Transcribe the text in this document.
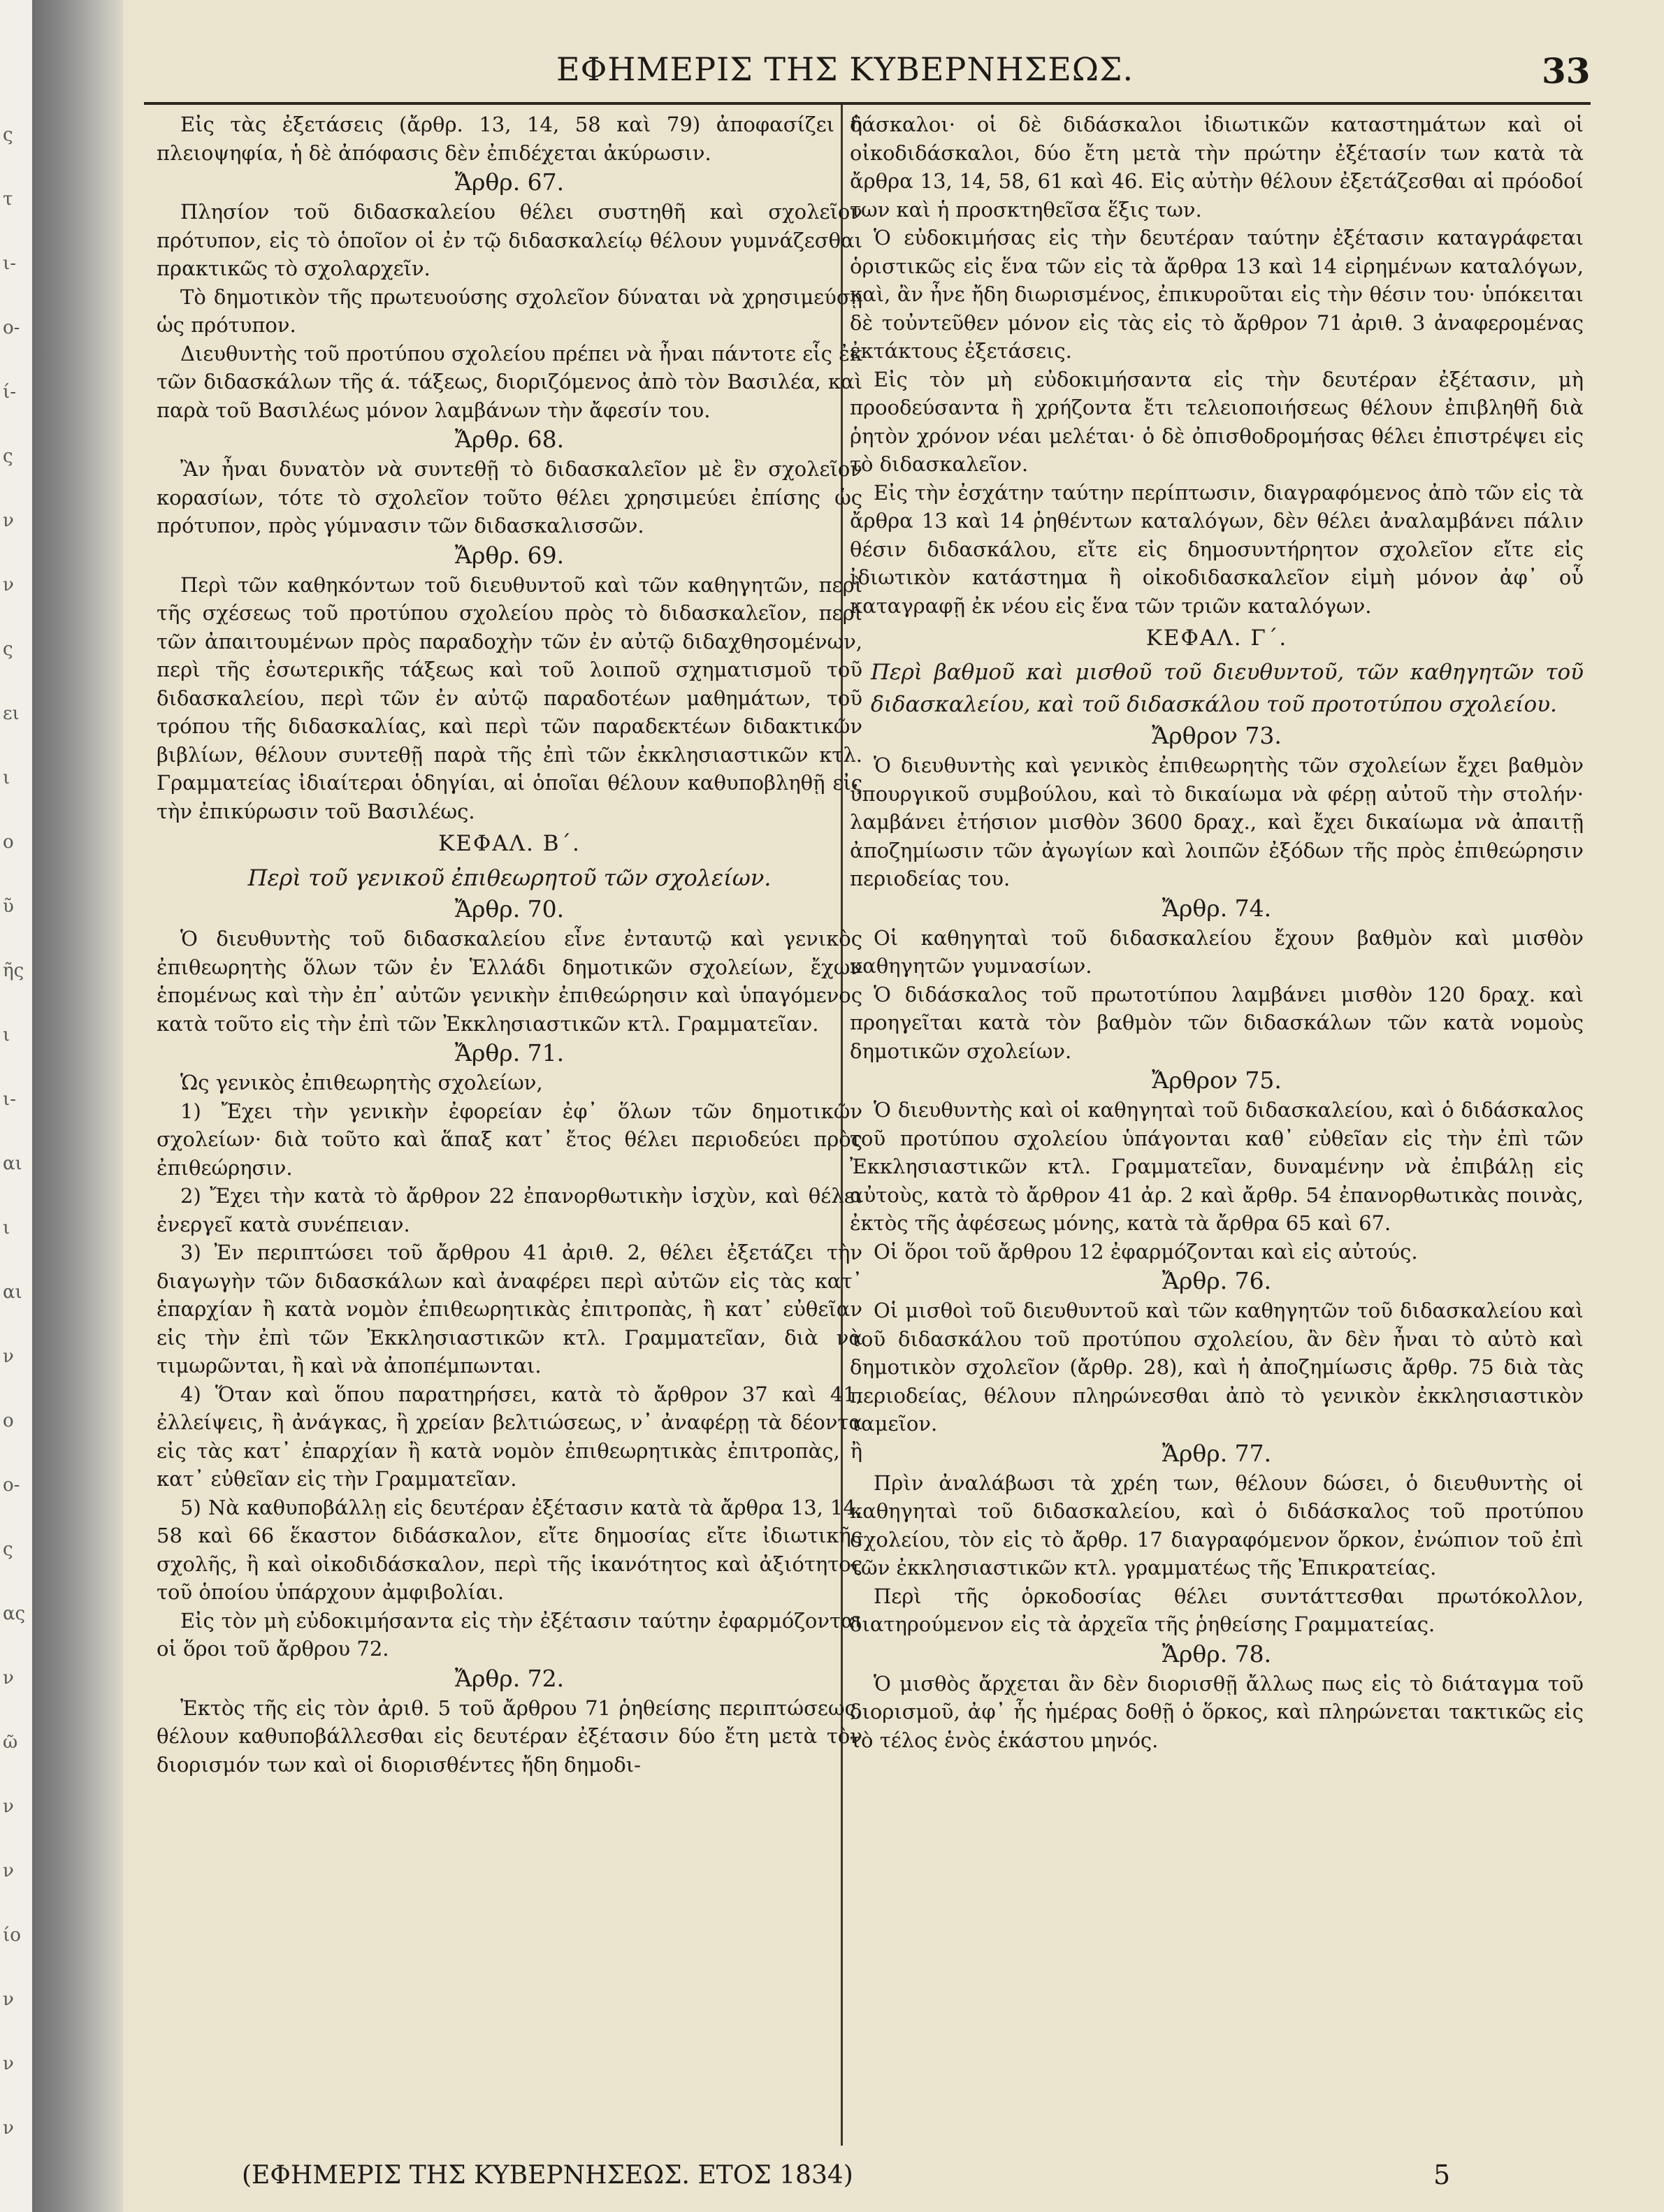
ς
τ
ι-
ο-
ί-
ς
ν
ν
ς
ει
ι
ο
ῦ
ῆς
ι
ι-
αι
ι
αι
ν
ο
ο-
ς
ας
ν
ῶ
ν
ν
ίο
ν
ν
ν
ΕΦΗΜΕΡΙΣ ΤΗΣ ΚΥΒΕΡΝΗΣΕΩΣ.	33

Εἰς τὰς ἐξετάσεις (ἄρθρ. 13, 14, 58 καὶ 79) ἀποφασίζει ἡ πλειοψηφία, ἡ δὲ ἀπόφασις δὲν ἐπιδέχεται ἀκύρωσιν.

Ἄρθρ. 67.

Πλησίον τοῦ διδασκαλείου θέλει συστηθῆ καὶ σχολεῖον πρότυπον, εἰς τὸ ὁποῖον οἱ ἐν τῷ διδασκαλείῳ θέλουν γυμνάζεσθαι πρακτικῶς τὸ σχολαρχεῖν.

Τὸ δημοτικὸν τῆς πρωτευούσης σχολεῖον δύναται νὰ χρησιμεύσῃ ὡς πρότυπον.

Διευθυντὴς τοῦ προτύπου σχολείου πρέπει νὰ ἦναι πάντοτε εἷς ἐκ τῶν διδασκάλων τῆς ά. τάξεως, διοριζόμενος ἀπὸ τὸν Βασιλέα, καὶ παρὰ τοῦ Βασιλέως μόνον λαμβάνων τὴν ἄφεσίν του.

Ἄρθρ. 68.

Ἂν ἦναι δυνατὸν νὰ συντεθῇ τὸ διδασκαλεῖον μὲ ἓν σχολεῖον κορασίων, τότε τὸ σχολεῖον τοῦτο θέλει χρησιμεύει ἐπίσης ὡς πρότυπον, πρὸς γύμνασιν τῶν διδασκαλισσῶν.

Ἄρθρ. 69.

Περὶ τῶν καθηκόντων τοῦ διευθυντοῦ καὶ τῶν καθηγητῶν, περὶ τῆς σχέσεως τοῦ προτύπου σχολείου πρὸς τὸ διδασκαλεῖον, περὶ τῶν ἀπαιτουμένων πρὸς παραδοχὴν τῶν ἐν αὐτῷ διδαχθησομένων, περὶ τῆς ἐσωτερικῆς τάξεως καὶ τοῦ λοιποῦ σχηματισμοῦ τοῦ διδασκαλείου, περὶ τῶν ἐν αὐτῷ παραδοτέων μαθημάτων, τοῦ τρόπου τῆς διδασκαλίας, καὶ περὶ τῶν παραδεκτέων διδακτικῶν βιβλίων, θέλουν συντεθῇ παρὰ τῆς ἐπὶ τῶν ἐκκλησιαστικῶν κτλ. Γραμματείας ἰδιαίτεραι ὁδηγίαι, αἱ ὁποῖαι θέλουν καθυποβληθῇ εἰς τὴν ἐπικύρωσιν τοῦ Βασιλέως.

ΚΕΦΑΛ. Β΄.

Περὶ τοῦ γενικοῦ ἐπιθεωρητοῦ τῶν σχολείων.

Ἄρθρ. 70.

Ὁ διευθυντὴς τοῦ διδασκαλείου εἶνε ἐνταυτῷ καὶ γενικὸς ἐπιθεωρητὴς ὅλων τῶν ἐν Ἑλλάδι δημοτικῶν σχολείων, ἔχων ἑπομένως καὶ τὴν ἐπ᾽ αὐτῶν γενικὴν ἐπιθεώρησιν καὶ ὑπαγόμενος κατὰ τοῦτο εἰς τὴν ἐπὶ τῶν Ἐκκλησιαστικῶν κτλ. Γραμματεῖαν.

Ἄρθρ. 71.

Ὡς γενικὸς ἐπιθεωρητὴς σχολείων,

1) Ἔχει τὴν γενικὴν ἐφορείαν ἐφ᾽ ὅλων τῶν δημοτικῶν σχολείων· διὰ τοῦτο καὶ ἅπαξ κατ᾽ ἔτος θέλει περιοδεύει πρὸς ἐπιθεώρησιν.

2) Ἔχει τὴν κατὰ τὸ ἄρθρον 22 ἐπανορθωτικὴν ἰσχὺν, καὶ θέλει ἐνεργεῖ κατὰ συνέπειαν.

3) Ἐν περιπτώσει τοῦ ἄρθρου 41 ἀριθ. 2, θέλει ἐξετάζει τὴν διαγωγὴν τῶν διδασκάλων καὶ ἀναφέρει περὶ αὐτῶν εἰς τὰς κατ᾽ ἐπαρχίαν ἢ κατὰ νομὸν ἐπιθεωρητικὰς ἐπιτροπὰς, ἢ κατ᾽ εὐθεῖαν εἰς τὴν ἐπὶ τῶν Ἐκκλησιαστικῶν κτλ. Γραμματεῖαν, διὰ νὰ τιμωρῶνται, ἢ καὶ νὰ ἀποπέμπωνται.

4) Ὅταν καὶ ὅπου παρατηρήσει, κατὰ τὸ ἄρθρον 37 καὶ 41, ἐλλείψεις, ἢ ἀνάγκας, ἢ χρείαν βελτιώσεως, ν᾽ ἀναφέρῃ τὰ δέοντα εἰς τὰς κατ᾽ ἐπαρχίαν ἢ κατὰ νομὸν ἐπιθεωρητικὰς ἐπιτροπὰς, ἢ κατ᾽ εὐθεῖαν εἰς τὴν Γραμματεῖαν.

5) Νὰ καθυποβάλλῃ εἰς δευτέραν ἐξέτασιν κατὰ τὰ ἄρθρα 13, 14, 58 καὶ 66 ἕκαστον διδάσκαλον, εἴτε δημοσίας εἴτε ἰδιωτικῆς σχολῆς, ἢ καὶ οἰκοδιδάσκαλον, περὶ τῆς ἱκανότητος καὶ ἀξιότητος τοῦ ὁποίου ὑπάρχουν ἀμφιβολίαι.

Εἰς τὸν μὴ εὐδοκιμήσαντα εἰς τὴν ἐξέτασιν ταύτην ἐφαρμόζονται οἱ ὅροι τοῦ ἄρθρου 72.

Ἄρθρ. 72.

Ἐκτὸς τῆς εἰς τὸν ἀριθ. 5 τοῦ ἄρθρου 71 ῥηθείσης περιπτώσεως, θέλουν καθυποβάλλεσθαι εἰς δευτέραν ἐξέτασιν δύο ἔτη μετὰ τὸν διορισμόν των καὶ οἱ διορισθέντες ἤδη δημοδι-

δάσκαλοι· οἱ δὲ διδάσκαλοι ἰδιωτικῶν καταστημάτων καὶ οἱ οἰκοδιδάσκαλοι, δύο ἔτη μετὰ τὴν πρώτην ἐξέτασίν των κατὰ τὰ ἄρθρα 13, 14, 58, 61 καὶ 46. Εἰς αὐτὴν θέλουν ἐξετάζεσθαι αἱ πρόοδοί των καὶ ἡ προσκτηθεῖσα ἕξις των.

Ὁ εὐδοκιμήσας εἰς τὴν δευτέραν ταύτην ἐξέτασιν καταγράφεται ὁριστικῶς εἰς ἕνα τῶν εἰς τὰ ἄρθρα 13 καὶ 14 εἰρημένων καταλόγων, καὶ, ἂν ἦνε ἤδη διωρισμένος, ἐπικυροῦται εἰς τὴν θέσιν του· ὑπόκειται δὲ τοὐντεῦθεν μόνον εἰς τὰς εἰς τὸ ἄρθρον 71 ἀριθ. 3 ἀναφερομένας ἐκτάκτους ἐξετάσεις.

Εἰς τὸν μὴ εὐδοκιμήσαντα εἰς τὴν δευτέραν ἐξέτασιν, μὴ προοδεύσαντα ἢ χρήζοντα ἔτι τελειοποιήσεως θέλουν ἐπιβληθῆ διὰ ῥητὸν χρόνον νέαι μελέται· ὁ δὲ ὀπισθοδρομήσας θέλει ἐπιστρέψει εἰς τὸ διδασκαλεῖον.

Εἰς τὴν ἐσχάτην ταύτην περίπτωσιν, διαγραφόμενος ἀπὸ τῶν εἰς τὰ ἄρθρα 13 καὶ 14 ῥηθέντων καταλόγων, δὲν θέλει ἀναλαμβάνει πάλιν θέσιν διδασκάλου, εἴτε εἰς δημοσυντήρητον σχολεῖον εἴτε εἰς ἰδιωτικὸν κατάστημα ἢ οἰκοδιδασκαλεῖον εἰμὴ μόνον ἀφ᾽ οὗ καταγραφῇ ἐκ νέου εἰς ἕνα τῶν τριῶν καταλόγων.

ΚΕΦΑΛ. Γ΄.

Περὶ βαθμοῦ καὶ μισθοῦ τοῦ διευθυντοῦ, τῶν καθηγητῶν τοῦ διδασκαλείου, καὶ τοῦ διδασκάλου τοῦ προτοτύπου σχολείου.

Ἄρθρον 73.

Ὁ διευθυντὴς καὶ γενικὸς ἐπιθεωρητὴς τῶν σχολείων ἔχει βαθμὸν ὑπουργικοῦ συμβούλου, καὶ τὸ δικαίωμα νὰ φέρῃ αὐτοῦ τὴν στολήν· λαμβάνει ἐτήσιον μισθὸν 3600 δραχ., καὶ ἔχει δικαίωμα νὰ ἀπαιτῇ ἀποζημίωσιν τῶν ἀγωγίων καὶ λοιπῶν ἐξόδων τῆς πρὸς ἐπιθεώρησιν περιοδείας του.

Ἄρθρ. 74.

Οἱ καθηγηταὶ τοῦ διδασκαλείου ἔχουν βαθμὸν καὶ μισθὸν καθηγητῶν γυμνασίων.

Ὁ διδάσκαλος τοῦ πρωτοτύπου λαμβάνει μισθὸν 120 δραχ. καὶ προηγεῖται κατὰ τὸν βαθμὸν τῶν διδασκάλων τῶν κατὰ νομοὺς δημοτικῶν σχολείων.

Ἄρθρον 75.

Ὁ διευθυντὴς καὶ οἱ καθηγηταὶ τοῦ διδασκαλείου, καὶ ὁ διδάσκαλος τοῦ προτύπου σχολείου ὑπάγονται καθ᾽ εὐθεῖαν εἰς τὴν ἐπὶ τῶν Ἐκκλησιαστικῶν κτλ. Γραμματεῖαν, δυναμένην νὰ ἐπιβάλῃ εἰς αὐτοὺς, κατὰ τὸ ἄρθρον 41 ἀρ. 2 καὶ ἄρθρ. 54 ἐπανορθωτικὰς ποινὰς, ἐκτὸς τῆς ἀφέσεως μόνης, κατὰ τὰ ἄρθρα 65 καὶ 67.

Οἱ ὅροι τοῦ ἄρθρου 12 ἐφαρμόζονται καὶ εἰς αὐτούς.

Ἄρθρ. 76.

Οἱ μισθοὶ τοῦ διευθυντοῦ καὶ τῶν καθηγητῶν τοῦ διδασκαλείου καὶ τοῦ διδασκάλου τοῦ προτύπου σχολείου, ἂν δὲν ἦναι τὸ αὐτὸ καὶ δημοτικὸν σχολεῖον (ἄρθρ. 28), καὶ ἡ ἀποζημίωσις ἄρθρ. 75 διὰ τὰς περιοδείας, θέλουν πληρώνεσθαι ἀπὸ τὸ γενικὸν ἐκκλησιαστικὸν ταμεῖον.

Ἄρθρ. 77.

Πρὶν ἀναλάβωσι τὰ χρέη των, θέλουν δώσει, ὁ διευθυντὴς οἱ καθηγηταὶ τοῦ διδασκαλείου, καὶ ὁ διδάσκαλος τοῦ προτύπου σχολείου, τὸν εἰς τὸ ἄρθρ. 17 διαγραφόμενον ὅρκον, ἐνώπιον τοῦ ἐπὶ τῶν ἐκκλησιαστικῶν κτλ. γραμματέως τῆς Ἐπικρατείας.

Περὶ τῆς ὁρκοδοσίας θέλει συντάττεσθαι πρωτόκολλον, διατηρούμενον εἰς τὰ ἀρχεῖα τῆς ῥηθείσης Γραμματείας.

Ἄρθρ. 78.

Ὁ μισθὸς ἄρχεται ἂν δὲν διορισθῇ ἄλλως πως εἰς τὸ διάταγμα τοῦ διορισμοῦ, ἀφ᾽ ἧς ἡμέρας δοθῇ ὁ ὅρκος, καὶ πληρώνεται τακτικῶς εἰς τὸ τέλος ἑνὸς ἑκάστου μηνός.

(ΕΦΗΜΕΡΙΣ ΤΗΣ ΚΥΒΕΡΝΗΣΕΩΣ. ΕΤΟΣ 1834)	5
